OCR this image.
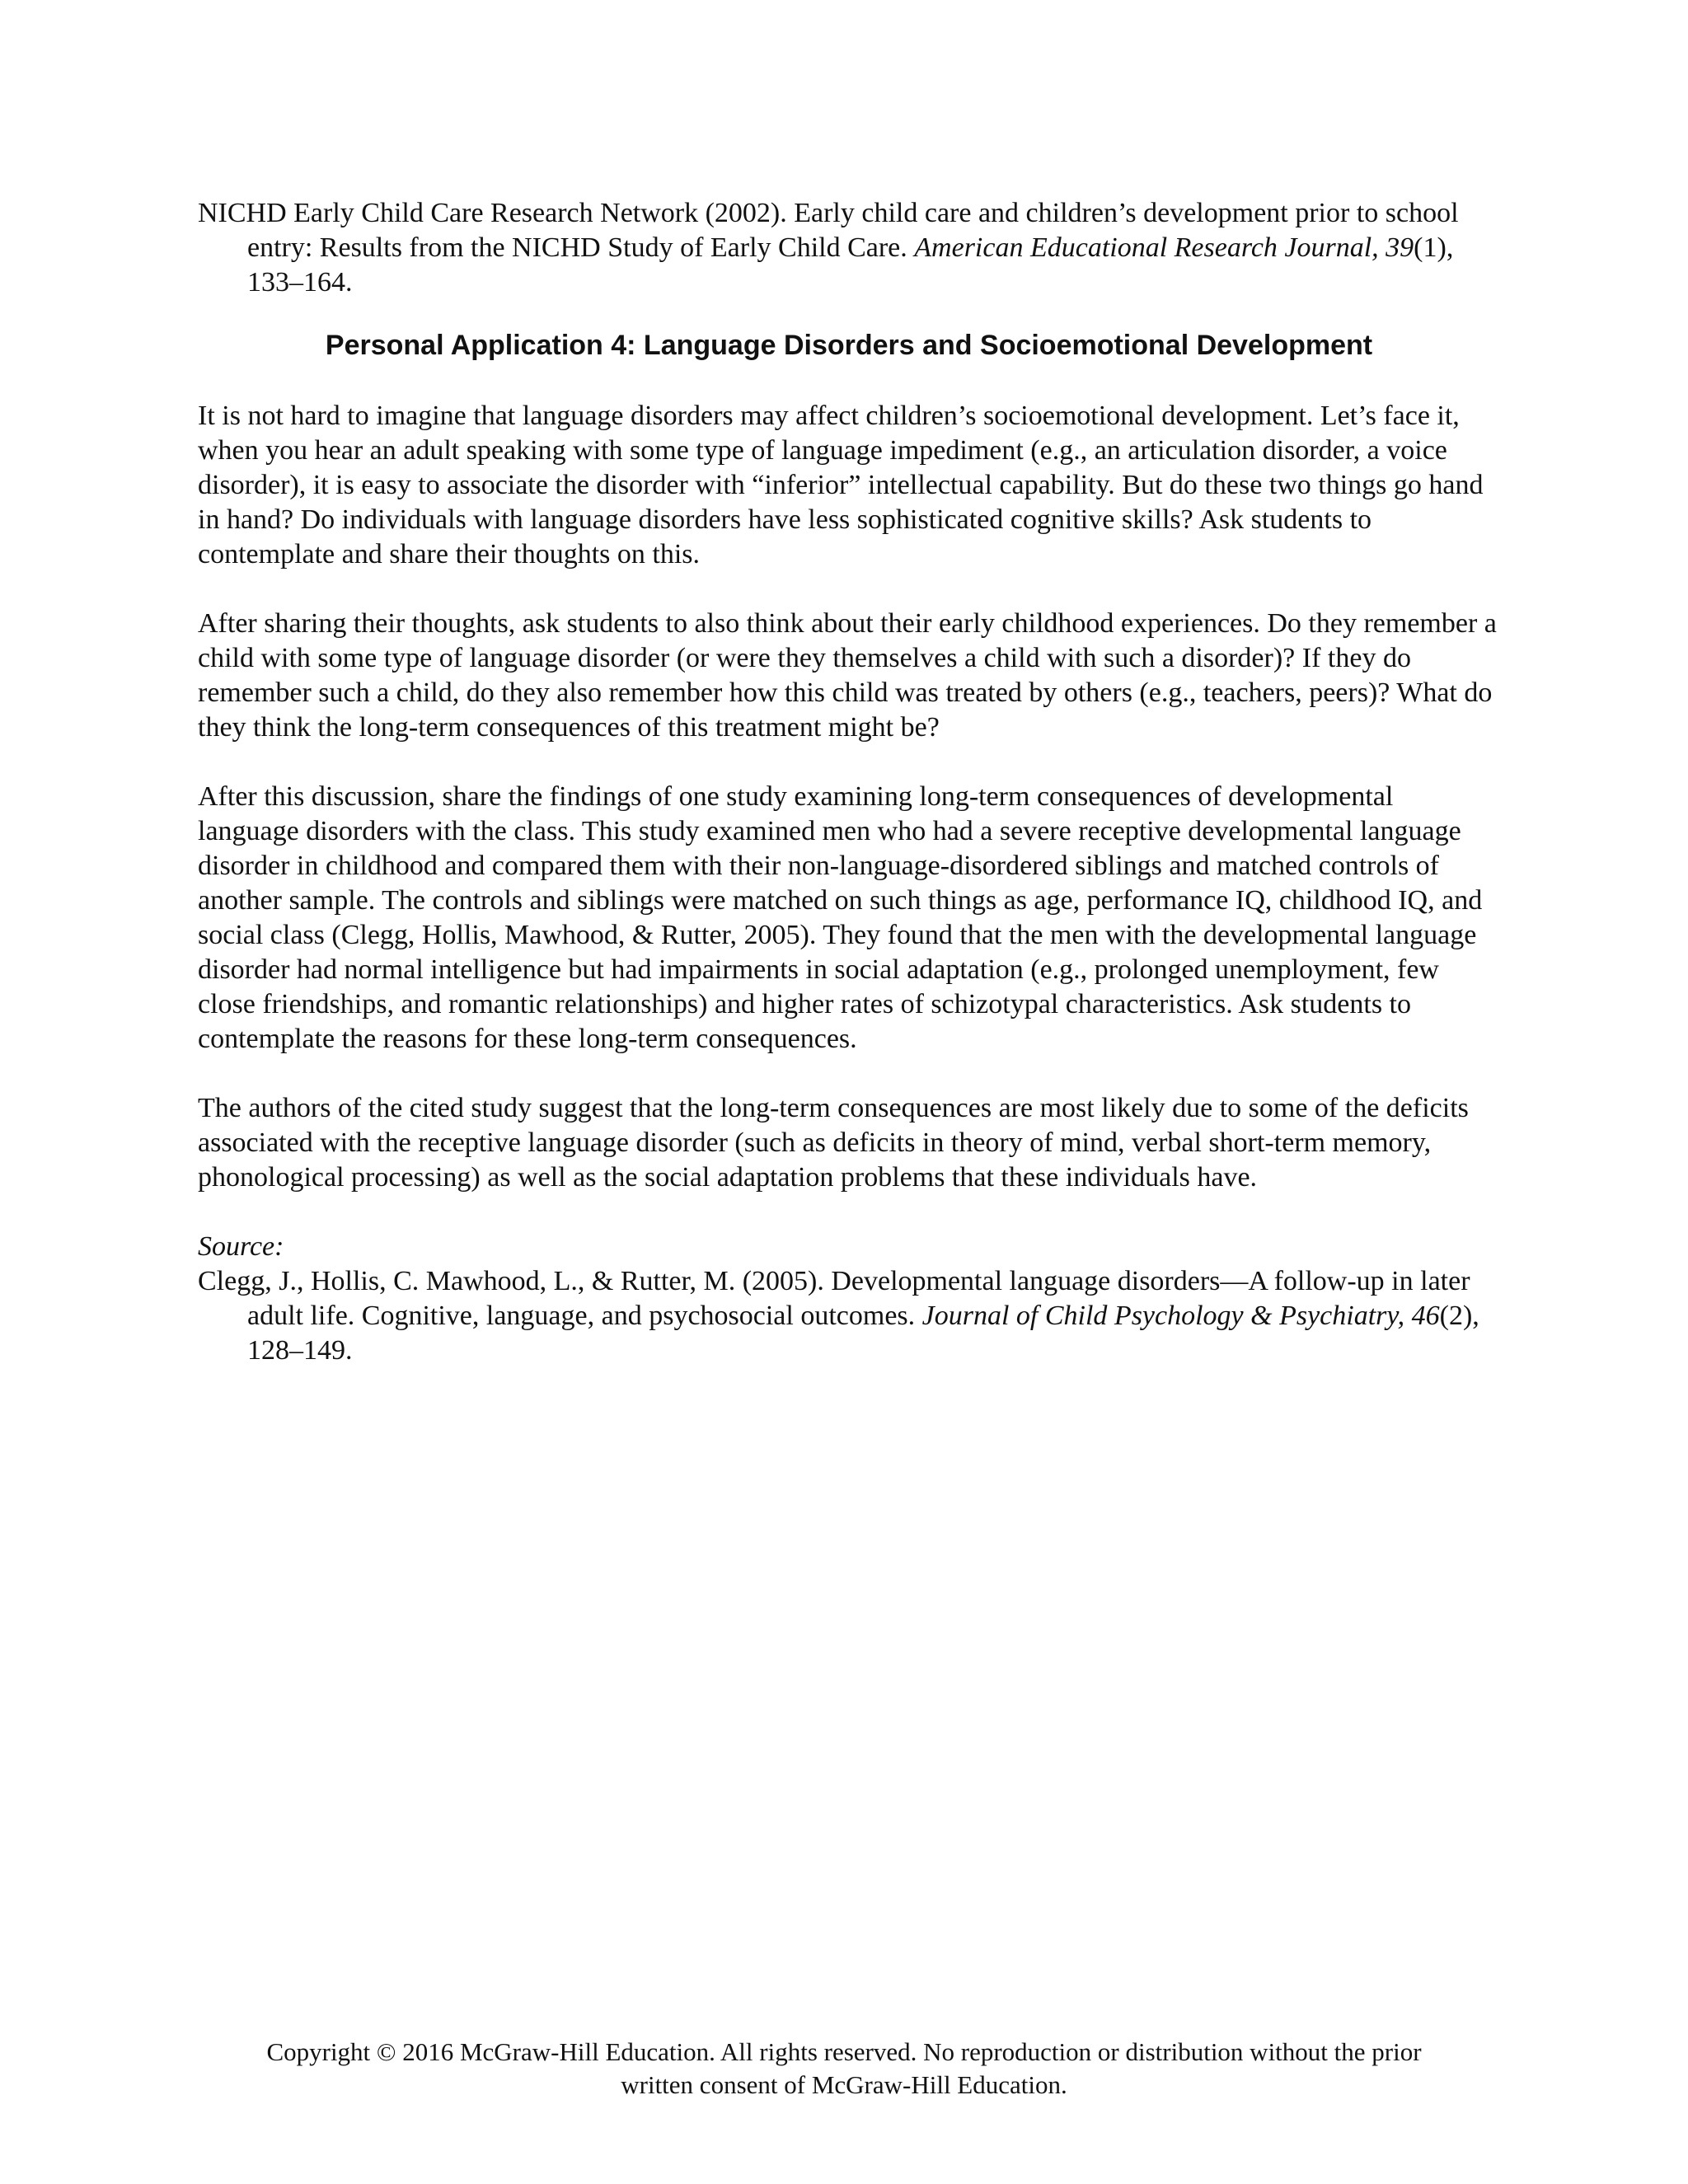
NICHD Early Child Care Research Network (2002). Early child care and children’s development prior to school entry: Results from the NICHD Study of Early Child Care. American Educational Research Journal, 39(1), 133–164.

Personal Application 4: Language Disorders and Socioemotional Development

It is not hard to imagine that language disorders may affect children’s socioemotional development. Let’s face it, when you hear an adult speaking with some type of language impediment (e.g., an articulation disorder, a voice disorder), it is easy to associate the disorder with “inferior” intellectual capability. But do these two things go hand in hand? Do individuals with language disorders have less sophisticated cognitive skills? Ask students to contemplate and share their thoughts on this.

After sharing their thoughts, ask students to also think about their early childhood experiences. Do they remember a child with some type of language disorder (or were they themselves a child with such a disorder)? If they do remember such a child, do they also remember how this child was treated by others (e.g., teachers, peers)? What do they think the long-term consequences of this treatment might be?

After this discussion, share the findings of one study examining long-term consequences of developmental language disorders with the class. This study examined men who had a severe receptive developmental language disorder in childhood and compared them with their non-language-disordered siblings and matched controls of another sample. The controls and siblings were matched on such things as age, performance IQ, childhood IQ, and social class (Clegg, Hollis, Mawhood, & Rutter, 2005). They found that the men with the developmental language disorder had normal intelligence but had impairments in social adaptation (e.g., prolonged unemployment, few close friendships, and romantic relationships) and higher rates of schizotypal characteristics. Ask students to contemplate the reasons for these long-term consequences.

The authors of the cited study suggest that the long-term consequences are most likely due to some of the deficits associated with the receptive language disorder (such as deficits in theory of mind, verbal short-term memory, phonological processing) as well as the social adaptation problems that these individuals have.

Source:

Clegg, J., Hollis, C. Mawhood, L., & Rutter, M. (2005). Developmental language disorders—A follow-up in later adult life. Cognitive, language, and psychosocial outcomes. Journal of Child Psychology & Psychiatry, 46(2), 128–149.

Copyright © 2016 McGraw-Hill Education. All rights reserved. No reproduction or distribution without the prior
written consent of McGraw-Hill Education.
